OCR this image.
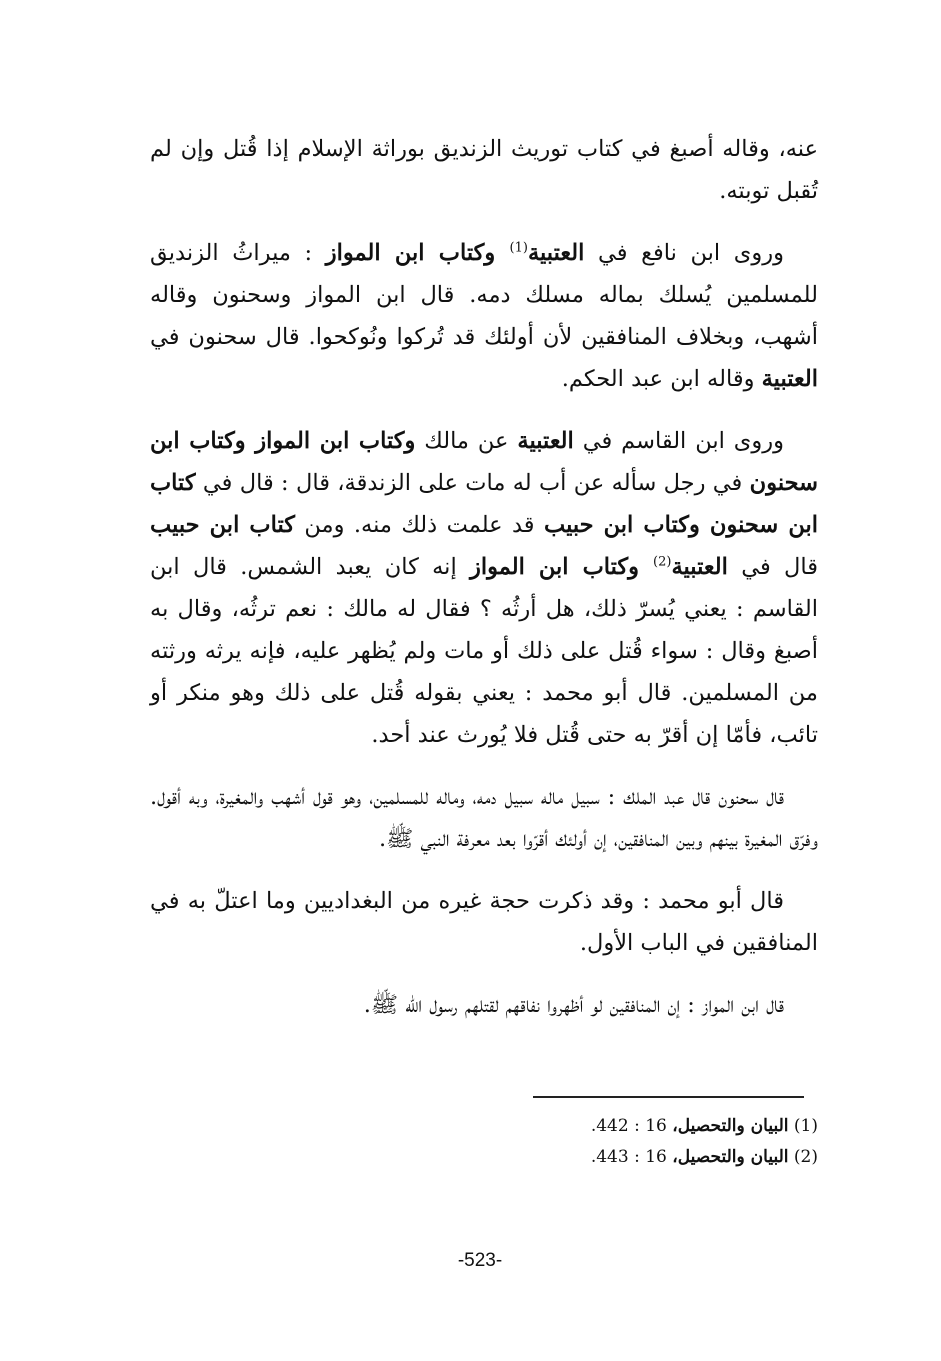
عنه، وقاله أصبغ في كتاب توريث الزنديق بوراثة الإسلام إذا قُتل وإن لم تُقبل توبته.

وروى ابن نافع في العتبية$^{(1)}$ وكتاب ابن المواز : ميراثُ الزنديق للمسلمين يُسلك بماله مسلك دمه. قال ابن المواز وسحنون وقاله أشهب، وبخلاف المنافقين لأن أولئك قد تُركوا ونُوكحوا. قال سحنون في العتبية وقاله ابن عبد الحكم.

وروى ابن القاسم في العتبية عن مالك وكتاب ابن المواز وكتاب ابن سحنون في رجل سأله عن أب له مات على الزندقة، قال : قال في كتاب ابن سحنون وكتاب ابن حبيب قد علمت ذلك منه. ومن كتاب ابن حبيب قال في العتبية$^{(2)}$ وكتاب ابن المواز إنه كان يعبد الشمس. قال ابن القاسم : يعني يُسرّ ذلك، هل أرثُه ؟ فقال له مالك : نعم ترثُه، وقال به أصبغ وقال : سواء قُتل على ذلك أو مات ولم يُظهر عليه، فإنه يرثه ورثته من المسلمين. قال أبو محمد : يعني بقوله قُتل على ذلك وهو منكر أو تائب، فأمّا إن أقرّ به حتى قُتل فلا يُورث عند أحد.

قال سحنون قال عبد الملك : سبيل ماله سبيل دمه، وماله للمسلمين، وهو قول أشهب والمغيرة، وبه أقول. وفرّق المغيرة بينهم وبين المنافقين، إن أولئك أقرّوا بعد معرفة النبي ﷺ.

قال أبو محمد : وقد ذكرت حجة غيره من البغداديين وما اعتلّ به في المنافقين في الباب الأول.

قال ابن المواز : إن المنافقين لو أظهروا نفاقهم لقتلهم رسول الله ﷺ.

(1) البيان والتحصيل، 16 : 442.
(2) البيان والتحصيل، 16 : 443.
-523-
